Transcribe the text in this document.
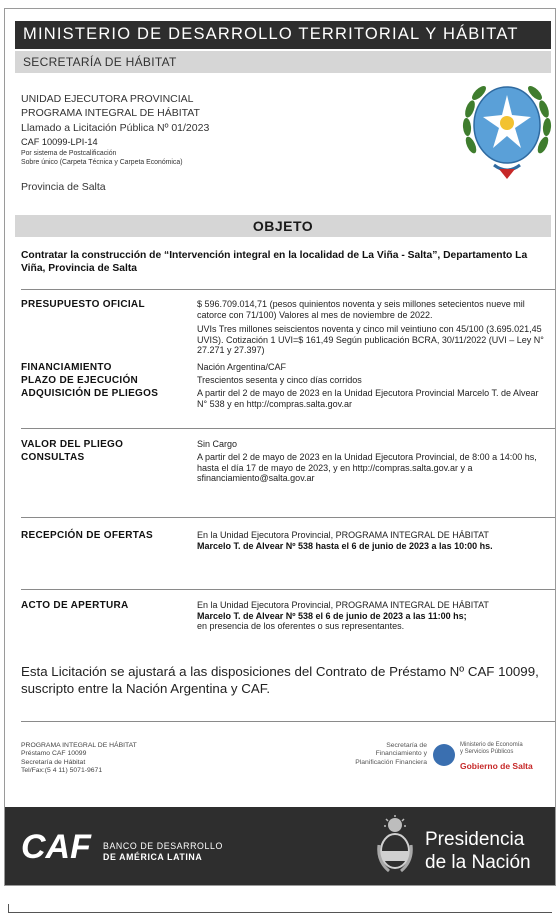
MINISTERIO DE DESARROLLO TERRITORIAL Y HÁBITAT
SECRETARÍA DE HÁBITAT
UNIDAD EJECUTORA PROVINCIAL
PROGRAMA INTEGRAL DE HÁBITAT
Llamado a Licitación Pública Nº 01/2023
CAF 10099-LPI-14
Por sistema de Postcalificación
Sobre único (Carpeta Técnica y Carpeta Económica)
Provincia de Salta
OBJETO
Contratar la construcción de “Intervención integral en la localidad de La Viña - Salta”, Departamento La Viña, Provincia de Salta
PRESUPUESTO OFICIAL	$ 596.709.014,71 (pesos quinientos noventa y seis millones setecientos nueve mil catorce con 71/100) Valores al mes de noviembre de 2022.
UVIs Tres millones seiscientos noventa y cinco mil veintiuno con 45/100 (3.695.021,45 UVIS). Cotización 1 UVI=$ 161,49 Según publicación BCRA, 30/11/2022 (UVI – Ley N° 27.271 y 27.397)
FINANCIAMIENTO	Nación Argentina/CAF
PLAZO DE EJECUCIÓN	Trescientos sesenta y cinco días corridos
ADQUISICIÓN DE PLIEGOS	A partir del 2 de mayo de 2023 en la Unidad Ejecutora Provincial Marcelo T. de Alvear N° 538 y en http://compras.salta.gov.ar
VALOR DEL PLIEGO	Sin Cargo
CONSULTAS	A partir del 2 de mayo de 2023 en la Unidad Ejecutora Provincial, de 8:00 a 14:00 hs, hasta el día 17 de mayo de 2023, y en http://compras.salta.gov.ar y a sfinanciamiento@salta.gov.ar
RECEPCIÓN DE OFERTAS	En la Unidad Ejecutora Provincial, PROGRAMA INTEGRAL DE HÁBITAT
Marcelo T. de Alvear Nº 538 hasta el 6 de junio de 2023 a las 10:00 hs.
ACTO DE APERTURA	En la Unidad Ejecutora Provincial, PROGRAMA INTEGRAL DE HÁBITAT
Marcelo T. de Alvear Nº 538 el 6 de junio de 2023 a las 11:00 hs;
en presencia de los oferentes o sus representantes.
Esta Licitación se ajustará a las disposiciones del Contrato de Préstamo Nº CAF 10099, suscripto entre la Nación Argentina y CAF.
PROGRAMA INTEGRAL DE HÁBITAT
Préstamo CAF 10099
Secretaría de Hábitat
Tel/Fax:(5 4 11) 5071-9671
Secretaría de
Financiamiento y
Planificación Financiera
Ministerio de Economía
y Servicios Públicos
Gobierno de Salta
CAF BANCO DE DESARROLLO
DE AMÉRICA LATINA
Presidencia
de la Nación
